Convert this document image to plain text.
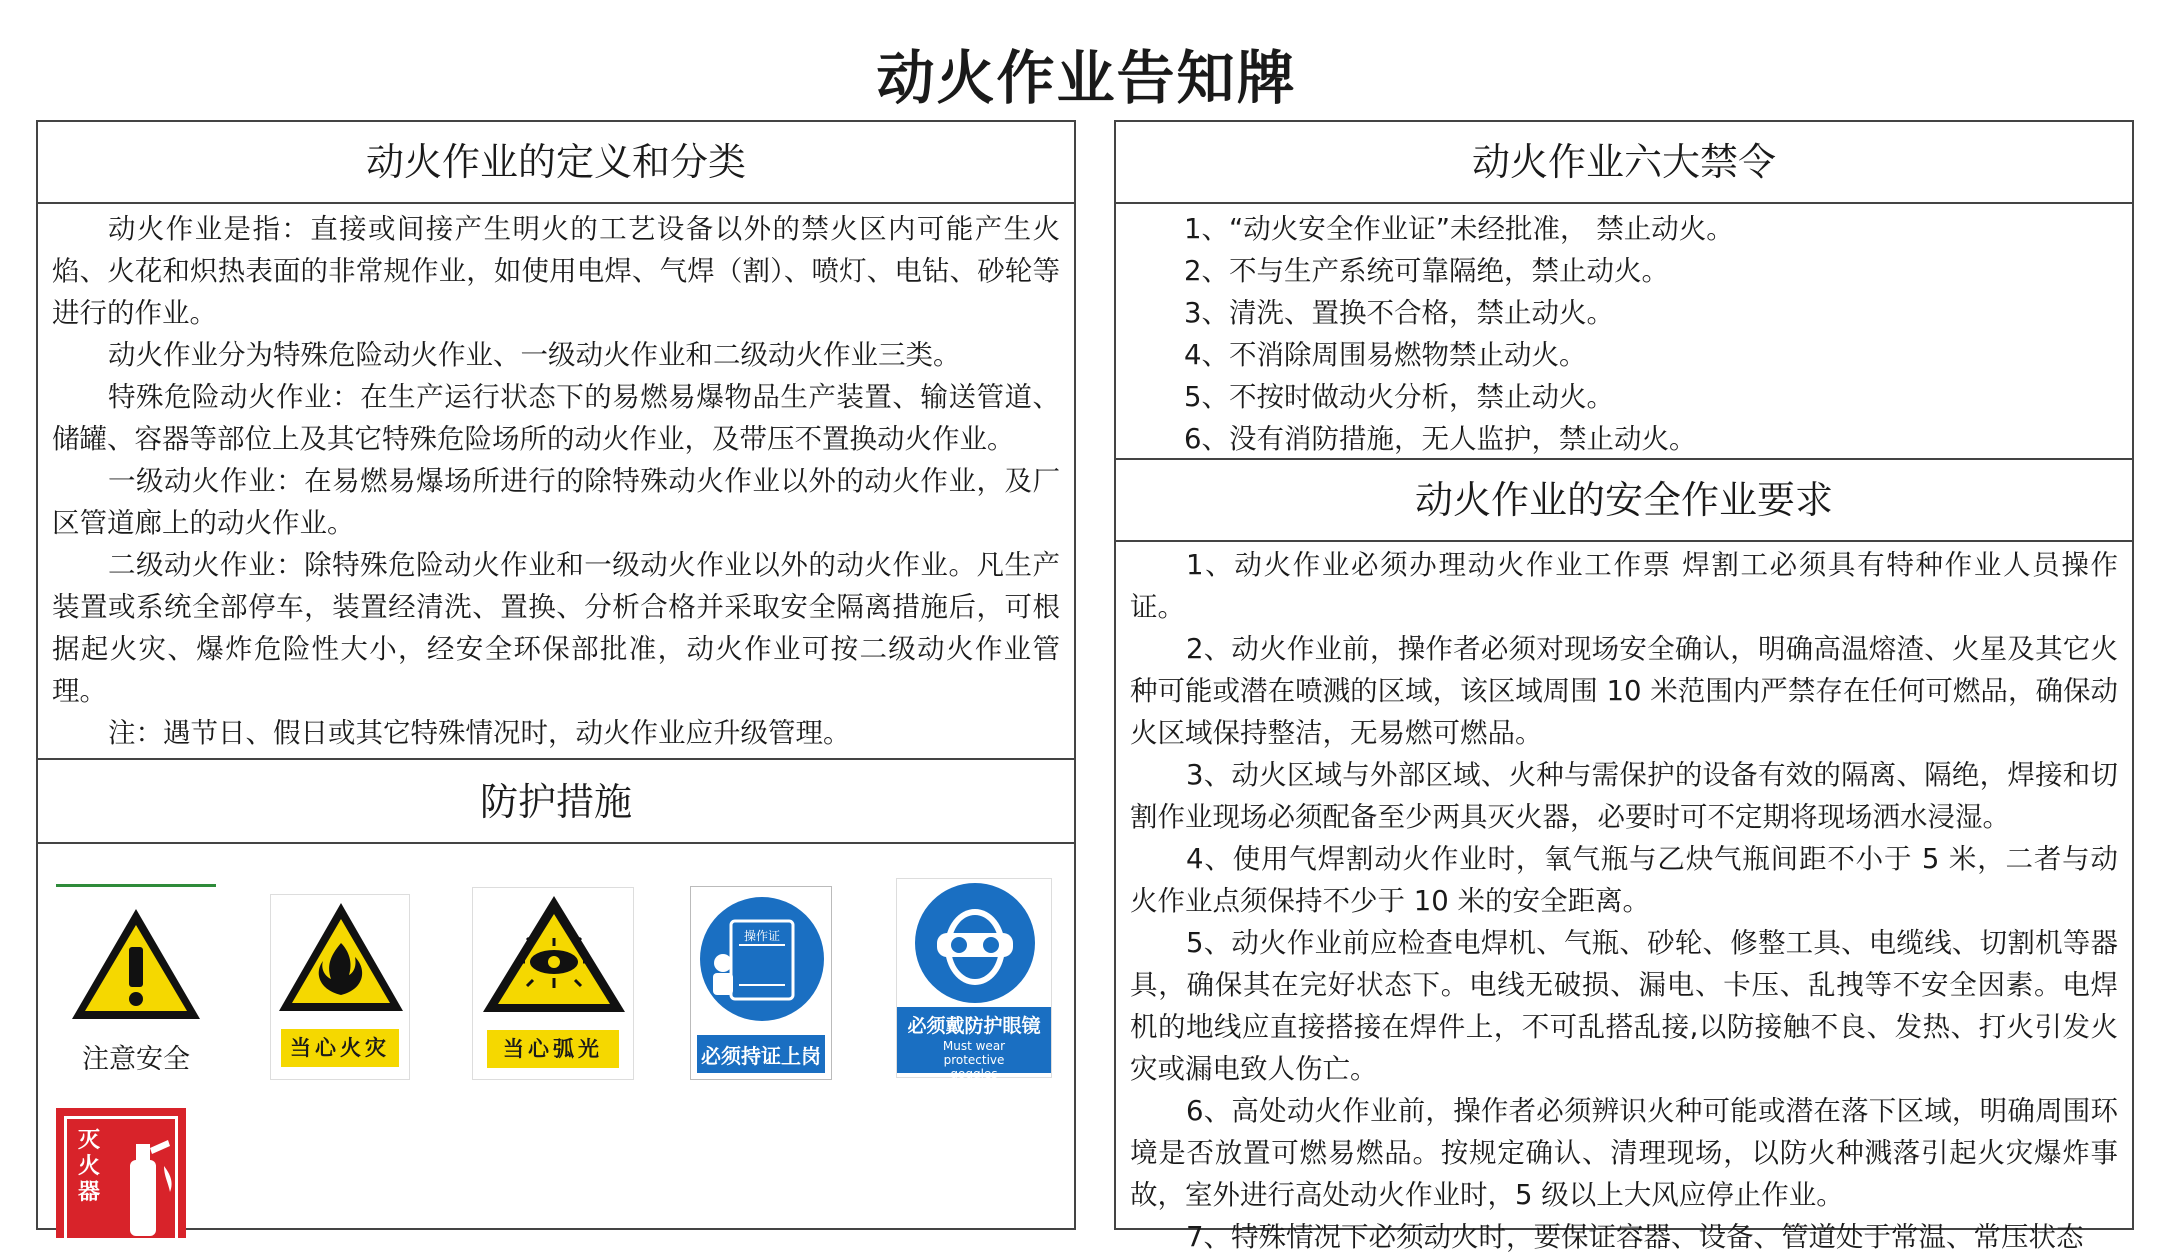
动火作业告知牌
动火作业的定义和分类

动火作业是指：直接或间接产生明火的工艺设备以外的禁火区内可能产生火焰、火花和炽热表面的非常规作业，如使用电焊、气焊（割）、喷灯、电钻、砂轮等进行的作业。

动火作业分为特殊危险动火作业、一级动火作业和二级动火作业三类。

特殊危险动火作业：在生产运行状态下的易燃易爆物品生产装置、输送管道、储罐、容器等部位上及其它特殊危险场所的动火作业，及带压不置换动火作业。

一级动火作业：在易燃易爆场所进行的除特殊动火作业以外的动火作业，及厂区管道廊上的动火作业。

二级动火作业：除特殊危险动火作业和一级动火作业以外的动火作业。凡生产装置或系统全部停车，装置经清洗、置换、分析合格并采取安全隔离措施后，可根据起火灾、爆炸危险性大小，经安全环保部批准，动火作业可按二级动火作业管理。

注：遇节日、假日或其它特殊情况时，动火作业应升级管理。

防护措施
注意安全	当心火灾	当心弧光
操作证
必须持证上岗
必须戴防护眼镜
Must wear protective goggles
灭火器
动火作业六大禁令
1、“动火安全作业证”未经批准， 禁止动火。
2、不与生产系统可靠隔绝，禁止动火。
3、清洗、置换不合格，禁止动火。
4、不消除周围易燃物禁止动火。
5、不按时做动火分析，禁止动火。
6、没有消防措施，无人监护，禁止动火。
动火作业的安全作业要求

1、动火作业必须办理动火作业工作票 焊割工必须具有特种作业人员操作证。

2、动火作业前，操作者必须对现场安全确认，明确高温熔渣、火星及其它火种可能或潜在喷溅的区域，该区域周围 10 米范围内严禁存在任何可燃品，确保动火区域保持整洁，无易燃可燃品。

3、动火区域与外部区域、火种与需保护的设备有效的隔离、隔绝，焊接和切割作业现场必须配备至少两具灭火器，必要时可不定期将现场洒水浸湿。

4、使用气焊割动火作业时，氧气瓶与乙炔气瓶间距不小于 5 米，二者与动火作业点须保持不少于 10 米的安全距离。

5、动火作业前应检查电焊机、气瓶、砂轮、修整工具、电缆线、切割机等器具，确保其在完好状态下。电线无破损、漏电、卡压、乱拽等不安全因素。电焊机的地线应直接搭接在焊件上，不可乱搭乱接,以防接触不良、发热、打火引发火灾或漏电致人伤亡。

6、高处动火作业前，操作者必须辨识火种可能或潜在落下区域，明确周围环境是否放置可燃易燃品。按规定确认、清理现场，以防火种溅落引起火灾爆炸事故，室外进行高处动火作业时，5 级以上大风应停止作业。

7、特殊情况下必须动火时，要保证容器、设备、管道处于常温、常压状态
